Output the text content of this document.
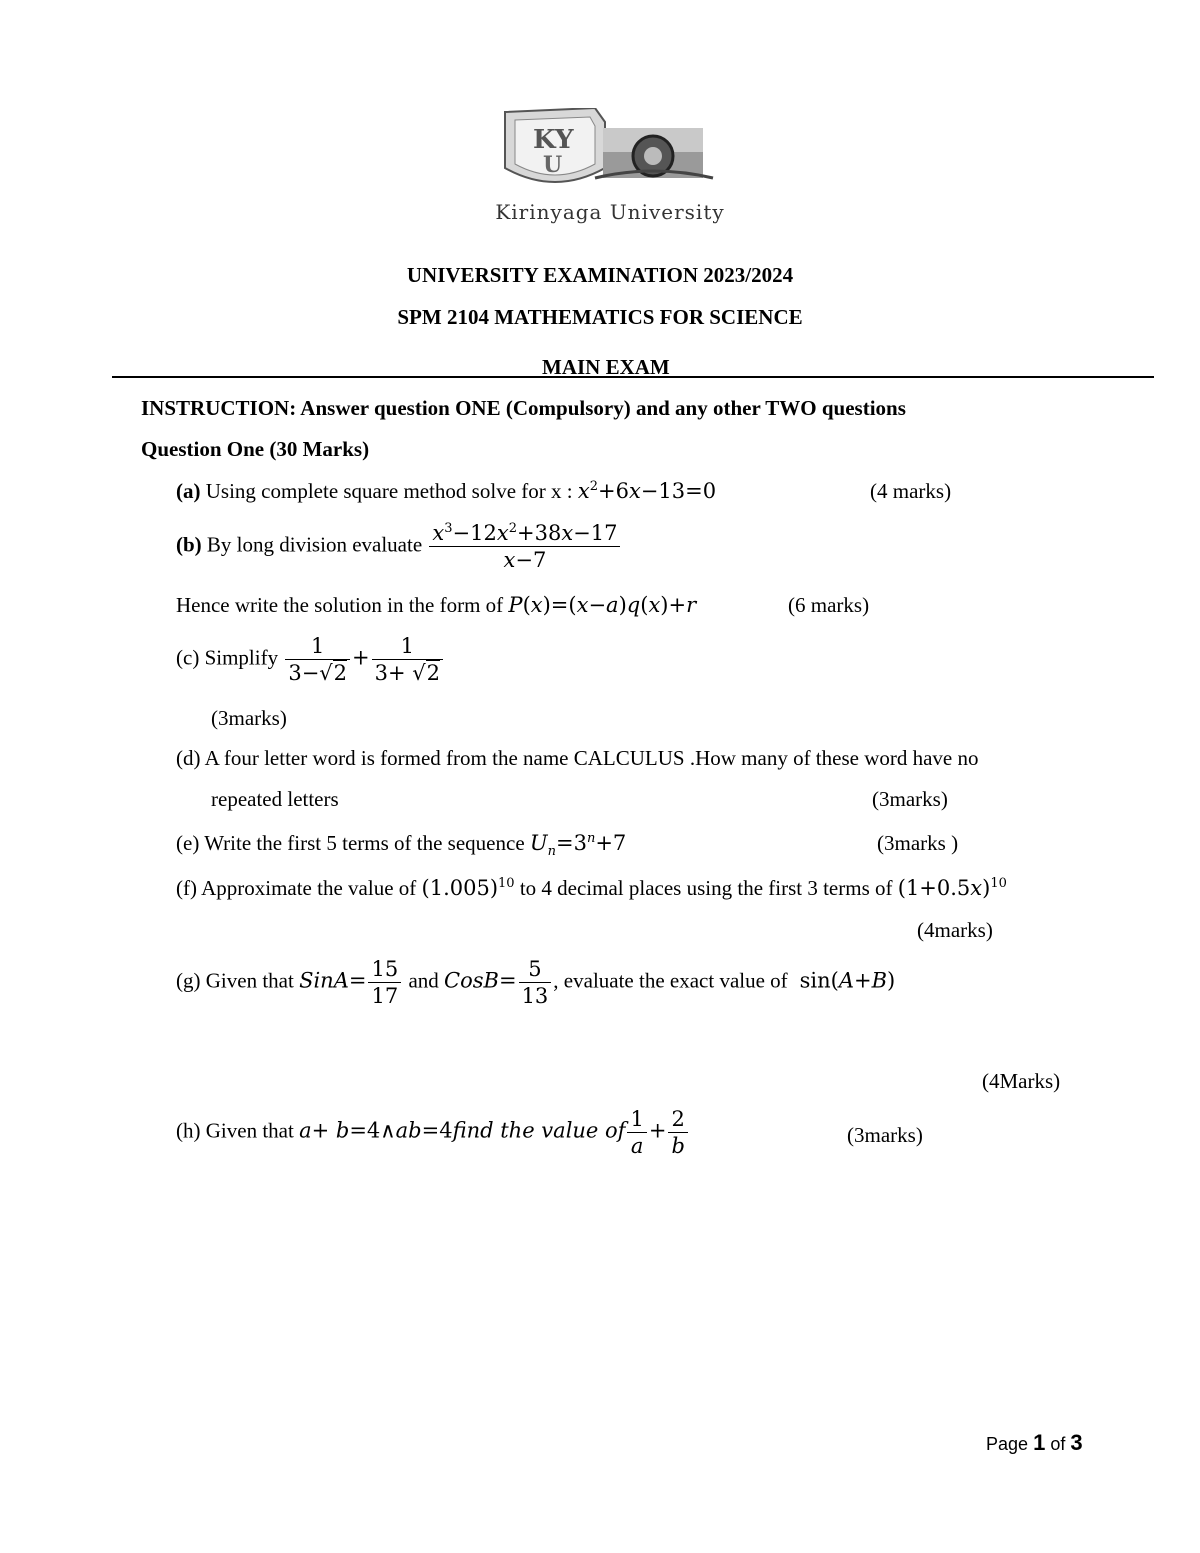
K Y
U
Kirinyaga University
UNIVERSITY EXAMINATION 2023/2024
SPM 2104 MATHEMATICS FOR SCIENCE
MAIN EXAM
INSTRUCTION: Answer question ONE (Compulsory) and any other TWO questions
Question One (30 Marks)
(a) Using complete square method solve for x : $x^2+6x-13=0$	(4 marks)
(b) By long division evaluate $\frac{x^3-12x^2+38x-17}{x-7}$
Hence write the solution in the form of P(x)=(x−a)q(x)+r	(6 marks)
(c) Simplify $\frac{1}{3-√2} + \frac{1}{3+ √2}$
(3marks)
(d) A four letter word is formed from the name CALCULUS .How many of these word have no
repeated letters	(3marks)
(e) Write the first 5 terms of the sequence $U_n=3^n+7$	(3marks )
(f) Approximate the value of $(1.005)^{10}$ to 4 decimal places using the first 3 terms of $(1+0.5x)^{10}$
(4marks)
(g) Given that SinA= $\frac{15}{17}$ and CosB= $\frac{5}{13}$ , evaluate the exact value of  sin(A+B)
(4Marks)
(h) Given that a+ b=4∧ab=4find the value of $\frac{1}{a} + \frac{2}{b}$	(3marks)
Page 1 of 3
